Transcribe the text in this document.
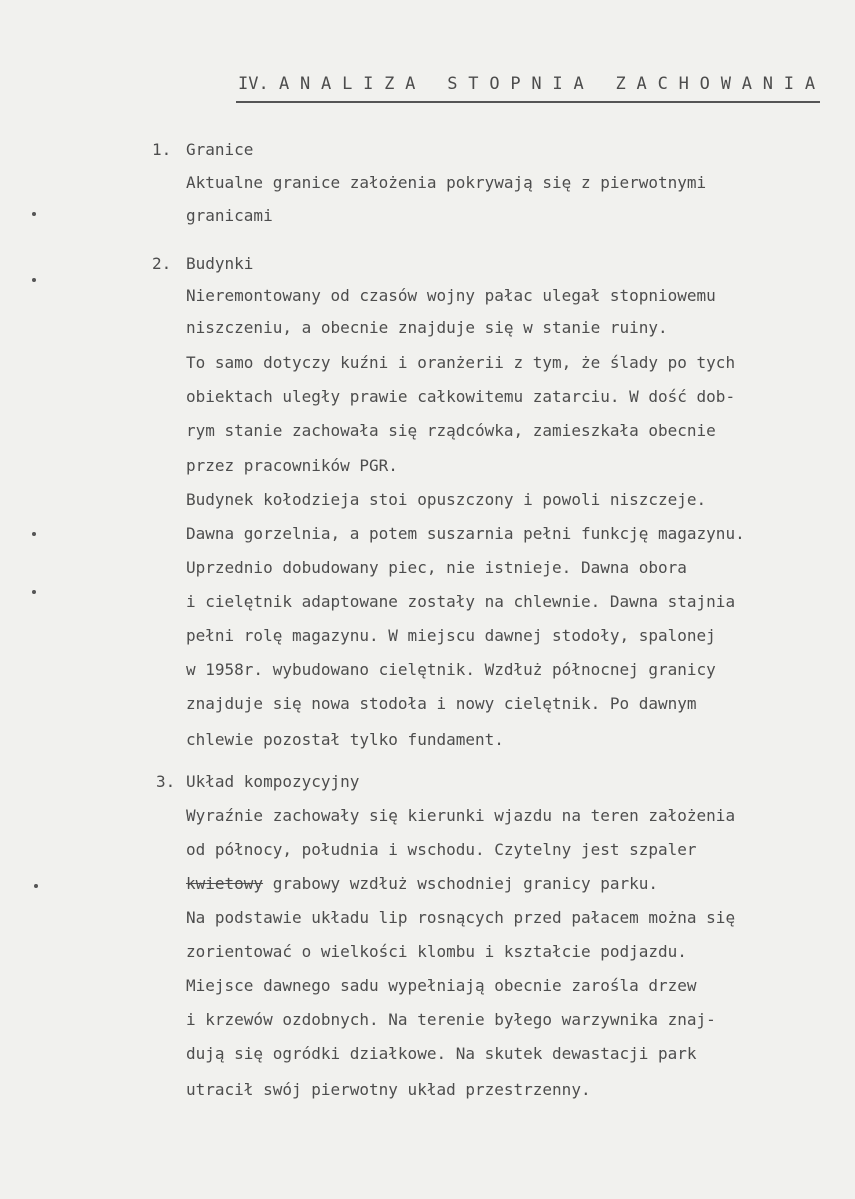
IV. ANALIZA STOPNIA ZACHOWANIA
1. Granice
Aktualne granice założenia pokrywają się z pierwotnymi
granicami
2. Budynki
Nieremontowany od czasów wojny pałac ulegał stopniowemu
niszczeniu, a obecnie znajduje się w stanie ruiny.
To samo dotyczy kuźni i oranżerii z tym, że ślady po tych
obiektach uległy prawie całkowitemu zatarciu. W dość dob-
rym stanie zachowała się rządcówka, zamieszkała obecnie
przez pracowników PGR.
Budynek kołodzieja stoi opuszczony i powoli niszczeje.
Dawna gorzelnia, a potem suszarnia pełni funkcję magazynu.
Uprzednio dobudowany piec, nie istnieje. Dawna obora
i cielętnik adaptowane zostały na chlewnie. Dawna stajnia
pełni rolę magazynu. W miejscu dawnej stodoły, spalonej
w 1958r. wybudowano cielętnik. Wzdłuż północnej granicy
znajduje się nowa stodoła i nowy cielętnik. Po dawnym
chlewie pozostał tylko fundament.
3. Układ kompozycyjny
Wyraźnie zachowały się kierunki wjazdu na teren założenia
od północy, południa i wschodu. Czytelny jest szpaler
kwietowy grabowy wzdłuż wschodniej granicy parku.
Na podstawie układu lip rosnących przed pałacem można się
zorientować o wielkości klombu i kształcie podjazdu.
Miejsce dawnego sadu wypełniają obecnie zarośla drzew
i krzewów ozdobnych. Na terenie byłego warzywnika znaj-
dują się ogródki działkowe. Na skutek dewastacji park
utracił swój pierwotny układ przestrzenny.
